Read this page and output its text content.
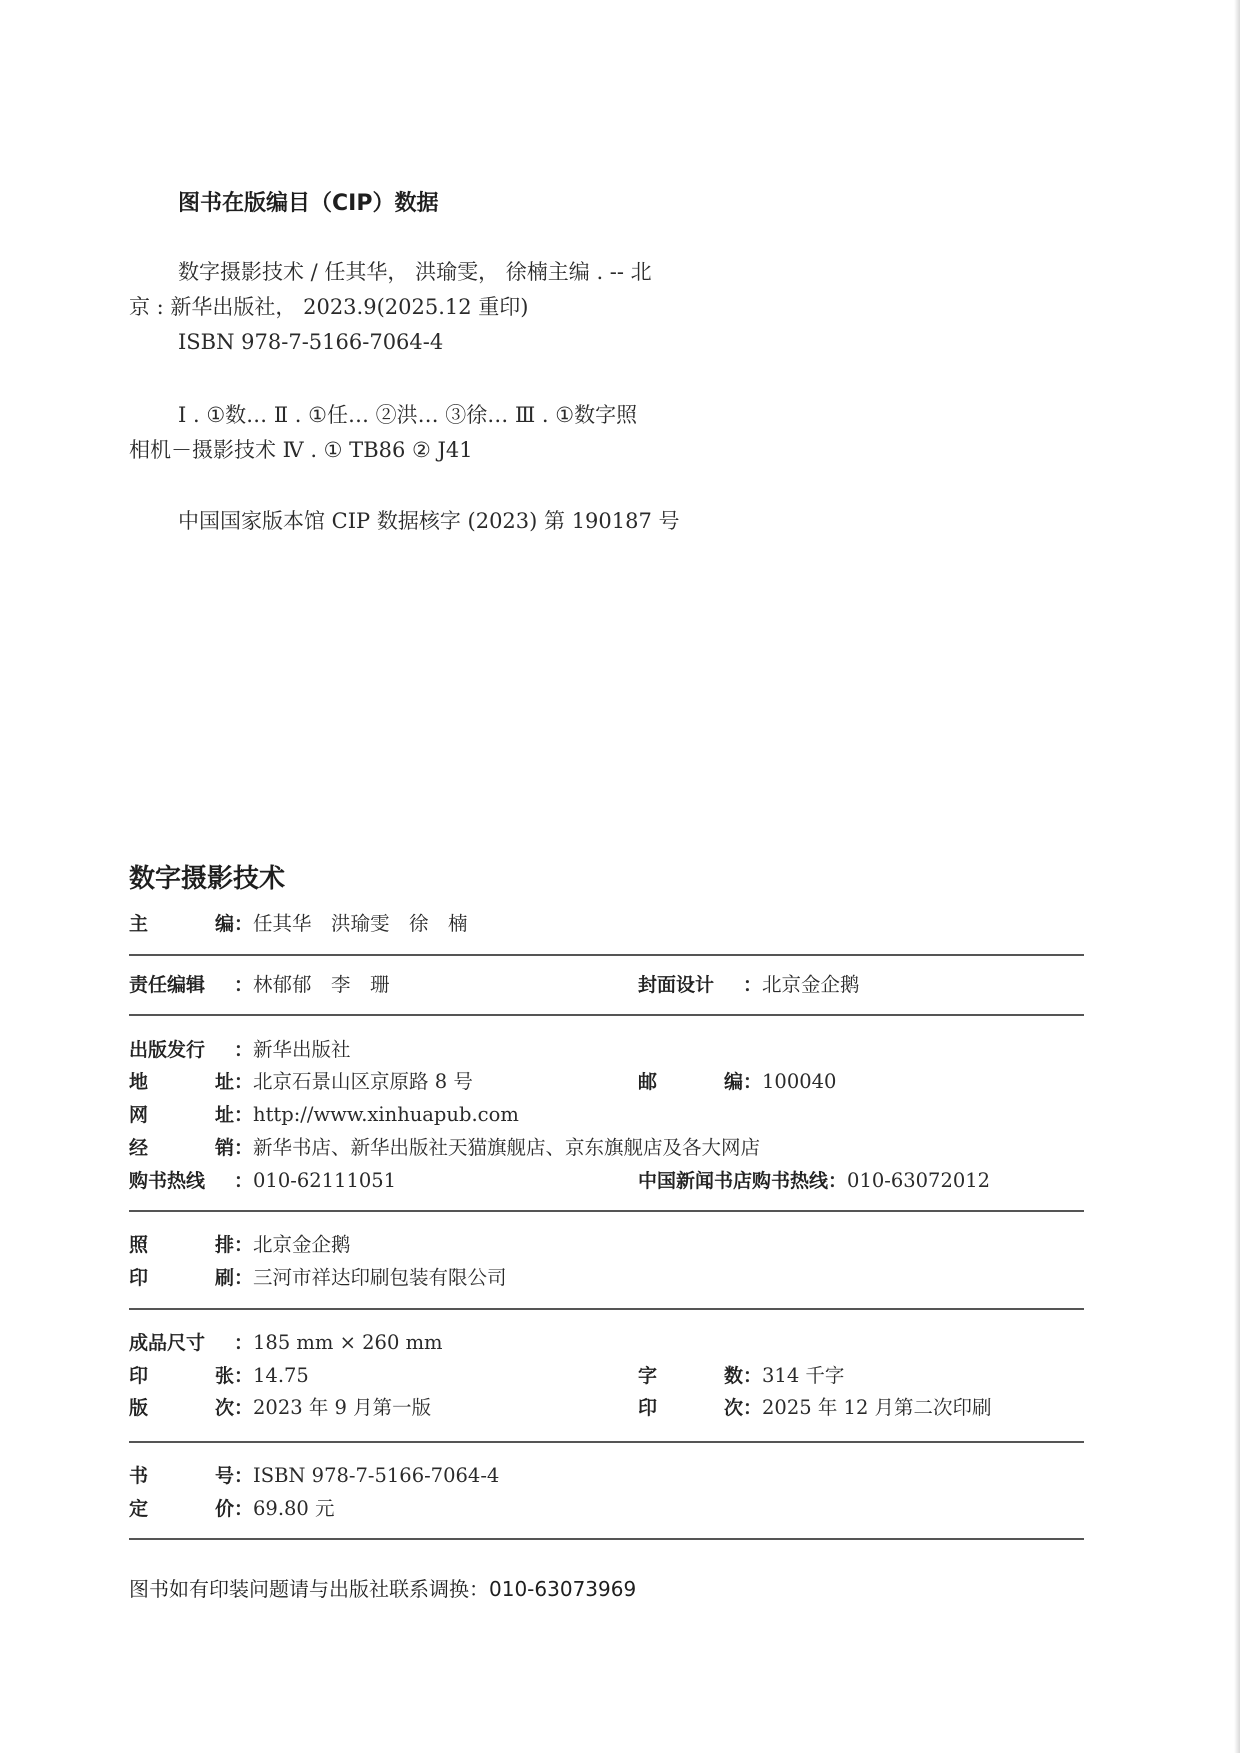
图书在版编目（CIP）数据
数字摄影技术 / 任其华， 洪瑜雯， 徐楠主编 . -- 北
京 : 新华出版社， 2023.9(2025.12 重印)
ISBN 978-7-5166-7064-4
Ⅰ . ①数… Ⅱ . ①任… ②洪… ③徐… Ⅲ . ①数字照
相机－摄影技术 Ⅳ . ① TB86 ② J41
中国国家版本馆 CIP 数据核字 (2023) 第 190187 号
数字摄影技术
主编：任其华　洪瑜雯　徐　楠
责任编辑 ：林郁郁　李　珊	封面设计 ：北京金企鹅
出版发行 ：新华出版社
地址：北京石景山区京原路 8 号	邮编：100040
网址：http://www.xinhuapub.com
经销：新华书店、新华出版社天猫旗舰店、京东旗舰店及各大网店
购书热线 ：010-62111051	中国新闻书店购书热线：010-63072012
照排：北京金企鹅
印刷：三河市祥达印刷包装有限公司
成品尺寸 ：185 mm × 260 mm
印张：14.75	字数：314 千字
版次：2023 年 9 月第一版	印次：2025 年 12 月第二次印刷
书号：ISBN 978-7-5166-7064-4
定价：69.80 元
图书如有印装问题请与出版社联系调换：010-63073969
